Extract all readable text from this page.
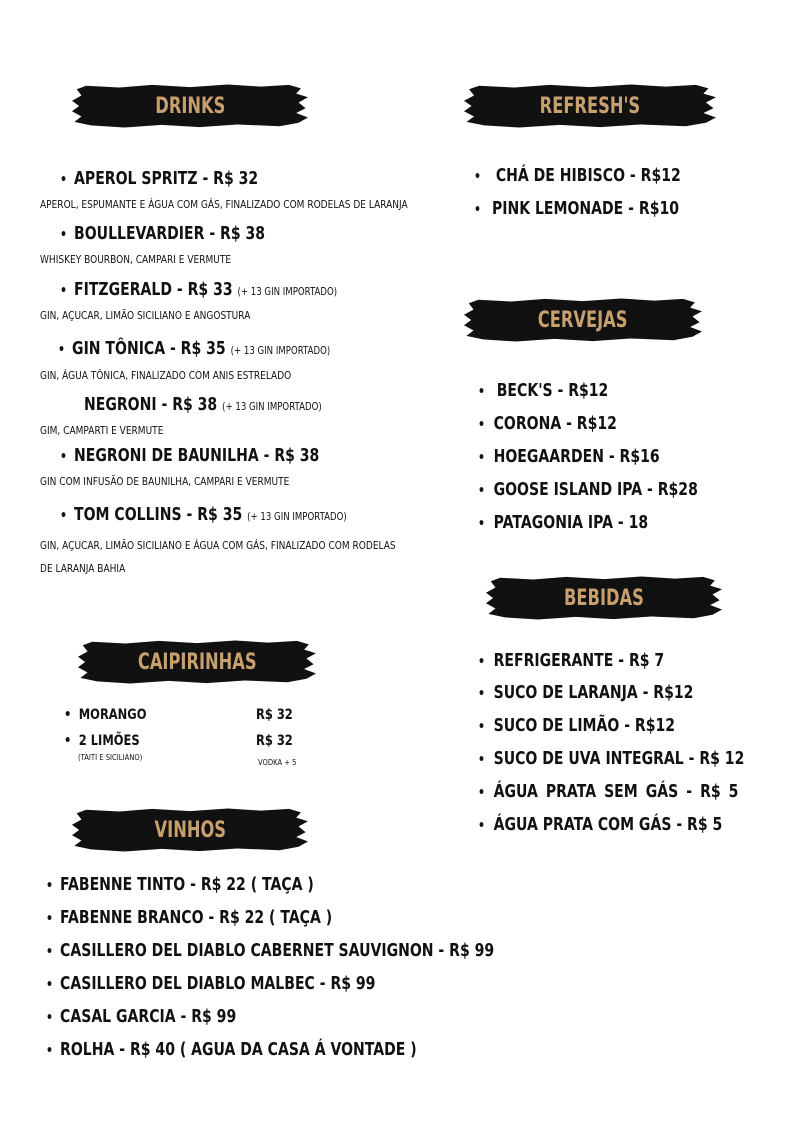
DRINKS
• APEROL SPRITZ - R$ 32
APEROL, ESPUMANTE E ÁGUA COM GÁS, FINALIZADO COM RODELAS DE LARANJA
• BOULLEVARDIER - R$ 38
WHISKEY BOURBON, CAMPARI E VERMUTE
• FITZGERALD - R$ 33 (+ 13 GIN IMPORTADO)
GIN, AÇUCAR, LIMÃO SICILIANO E ANGOSTURA
• GIN TÔNICA - R$ 35 (+ 13 GIN IMPORTADO)
GIN, ÁGUA TÔNICA, FINALIZADO COM ANIS ESTRELADO
NEGRONI - R$ 38 (+ 13 GIN IMPORTADO)
GIM, CAMPARTI E VERMUTE
• NEGRONI DE BAUNILHA - R$ 38
GIN COM INFUSÃO DE BAUNILHA, CAMPARI E VERMUTE
• TOM COLLINS - R$ 35 (+ 13 GIN IMPORTADO)
GIN, AÇUCAR, LIMÃO SICILIANO E ÁGUA COM GÁS, FINALIZADO COM RODELAS DE LARANJA BAHIA
CAIPIRINHAS
• MORANGO	R$ 32
• 2 LIMÕES	R$ 32
(TAITI E SICILIANO)
VODKA + 5
VINHOS
• FABENNE TINTO - R$ 22 ( TAÇA )
• FABENNE BRANCO - R$ 22 ( TAÇA )
• CASILLERO DEL DIABLO CABERNET SAUVIGNON - R$ 99
• CASILLERO DEL DIABLO MALBEC - R$ 99
• CASAL GARCIA - R$ 99
• ROLHA - R$ 40 ( AGUA DA CASA Á VONTADE )
REFRESH'S
• CHÁ DE HIBISCO - R$12
• PINK LEMONADE - R$10
CERVEJAS
• BECK'S - R$12
• CORONA - R$12
• HOEGAARDEN - R$16
• GOOSE ISLAND IPA - R$28
• PATAGONIA IPA - 18
BEBIDAS
• REFRIGERANTE - R$ 7
• SUCO DE LARANJA - R$12
• SUCO DE LIMÃO - R$12
• SUCO DE UVA INTEGRAL - R$ 12
• ÁGUA PRATA SEM GÁS - R$ 5
• ÁGUA PRATA COM GÁS - R$ 5
